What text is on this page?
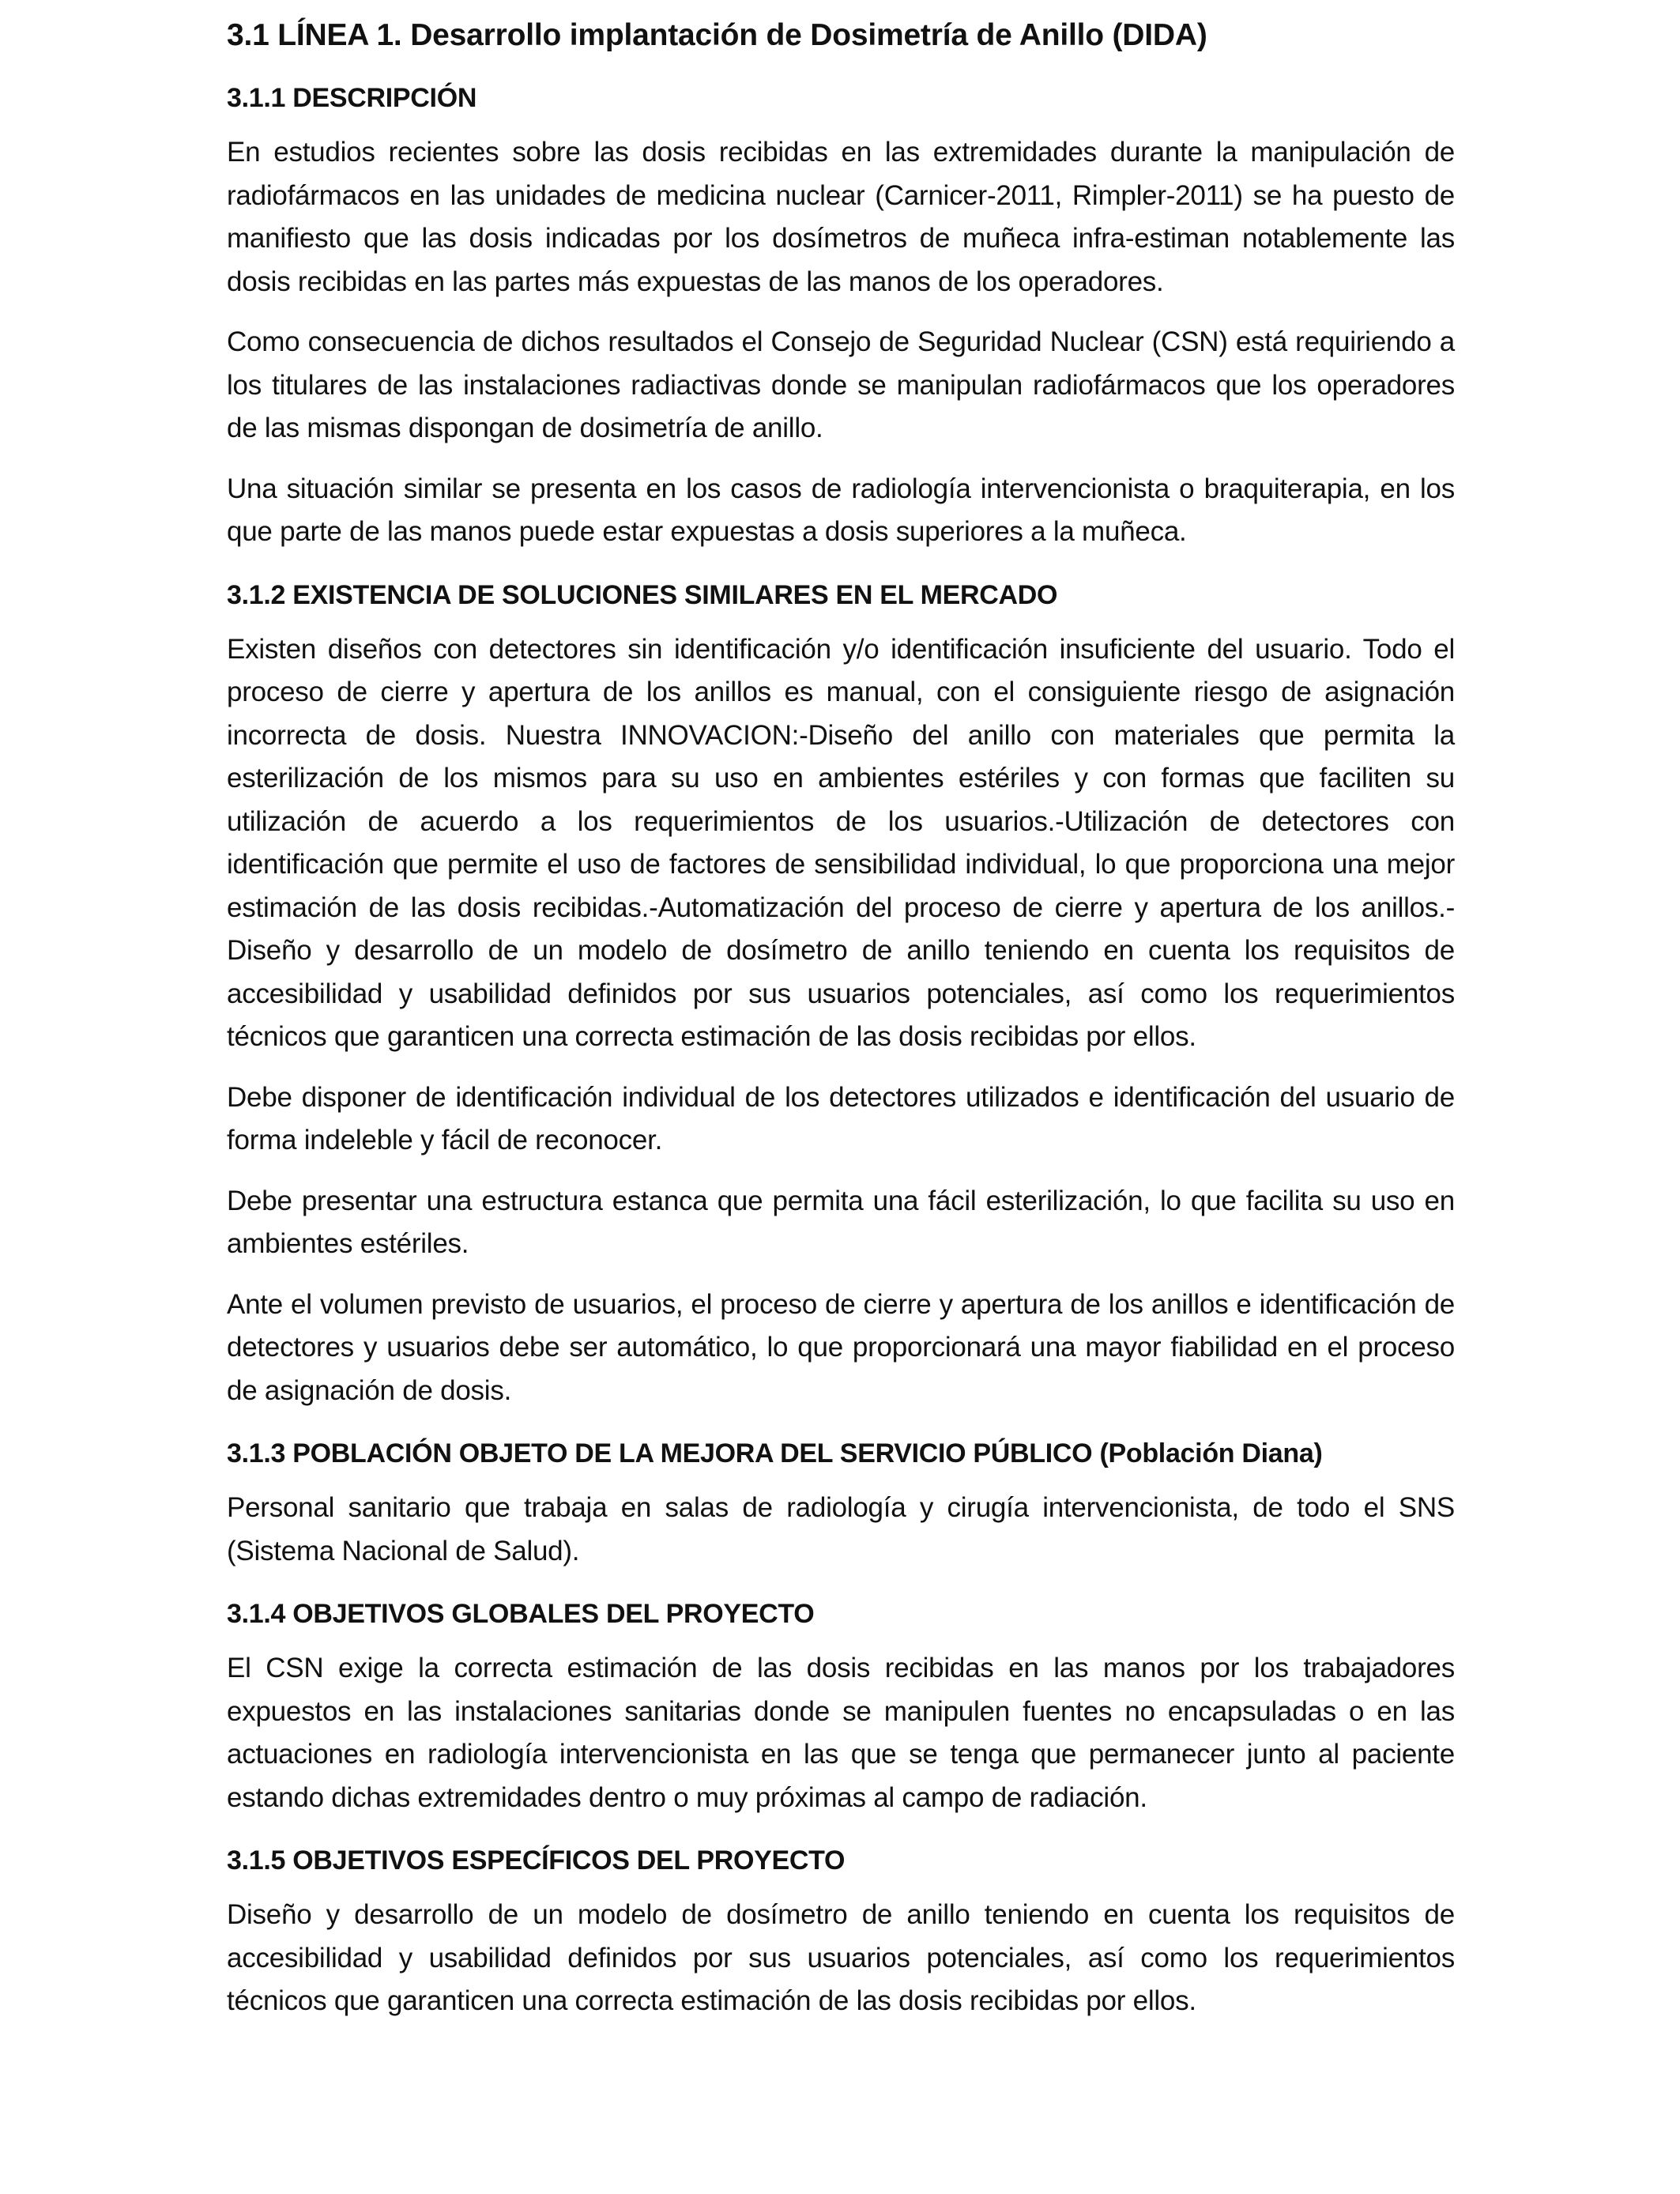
3.1 LÍNEA 1. Desarrollo implantación de Dosimetría de Anillo (DIDA)
3.1.1 DESCRIPCIÓN

En estudios recientes sobre las dosis recibidas en las extremidades durante la manipulación de radiofármacos en las unidades de medicina nuclear (Carnicer-2011, Rimpler-2011) se ha puesto de manifiesto que las dosis indicadas por los dosímetros de muñeca infra-estiman notablemente las dosis recibidas en las partes más expuestas de las manos de los operadores.

Como consecuencia de dichos resultados el Consejo de Seguridad Nuclear (CSN) está requiriendo a los titulares de las instalaciones radiactivas donde se manipulan radiofármacos que los operadores de las mismas dispongan de dosimetría de anillo.

Una situación similar se presenta en los casos de radiología intervencionista o braquiterapia, en los que parte de las manos puede estar expuestas a dosis superiores a la muñeca.

3.1.2 EXISTENCIA DE SOLUCIONES SIMILARES EN EL MERCADO

Existen diseños con detectores sin identificación y/o identificación insuficiente del usuario. Todo el proceso de cierre y apertura de los anillos es manual, con el consiguiente riesgo de asignación incorrecta de dosis. Nuestra INNOVACION:-Diseño del anillo con materiales que permita la esterilización de los mismos para su uso en ambientes estériles y con formas que faciliten su utilización de acuerdo a los requerimientos de los usuarios.-Utilización de detectores con identificación que permite el uso de factores de sensibilidad individual, lo que proporciona una mejor estimación de las dosis recibidas.-Automatización del proceso de cierre y apertura de los anillos.-Diseño y desarrollo de un modelo de dosímetro de anillo teniendo en cuenta los requisitos de accesibilidad y usabilidad definidos por sus usuarios potenciales, así como los requerimientos técnicos que garanticen una correcta estimación de las dosis recibidas por ellos.

Debe disponer de identificación individual de los detectores utilizados e identificación del usuario de forma indeleble y fácil de reconocer.

Debe presentar una estructura estanca que permita una fácil esterilización, lo que facilita su uso en ambientes estériles.

Ante el volumen previsto de usuarios, el proceso de cierre y apertura de los anillos e identificación de detectores y usuarios debe ser automático, lo que proporcionará una mayor fiabilidad en el proceso de asignación de dosis.

3.1.3 POBLACIÓN OBJETO DE LA MEJORA DEL SERVICIO PÚBLICO (Población Diana)

Personal sanitario que trabaja en salas de radiología y cirugía intervencionista, de todo el SNS (Sistema Nacional de Salud).

3.1.4 OBJETIVOS GLOBALES DEL PROYECTO

El CSN exige la correcta estimación de las dosis recibidas en las manos por los trabajadores expuestos en las instalaciones sanitarias donde se manipulen fuentes no encapsuladas o en las actuaciones en radiología intervencionista en las que se tenga que permanecer junto al paciente estando dichas extremidades dentro o muy próximas al campo de radiación.

3.1.5 OBJETIVOS ESPECÍFICOS DEL PROYECTO

Diseño y desarrollo de un modelo de dosímetro de anillo teniendo en cuenta los requisitos de accesibilidad y usabilidad definidos por sus usuarios potenciales, así como los requerimientos técnicos que garanticen una correcta estimación de las dosis recibidas por ellos.
